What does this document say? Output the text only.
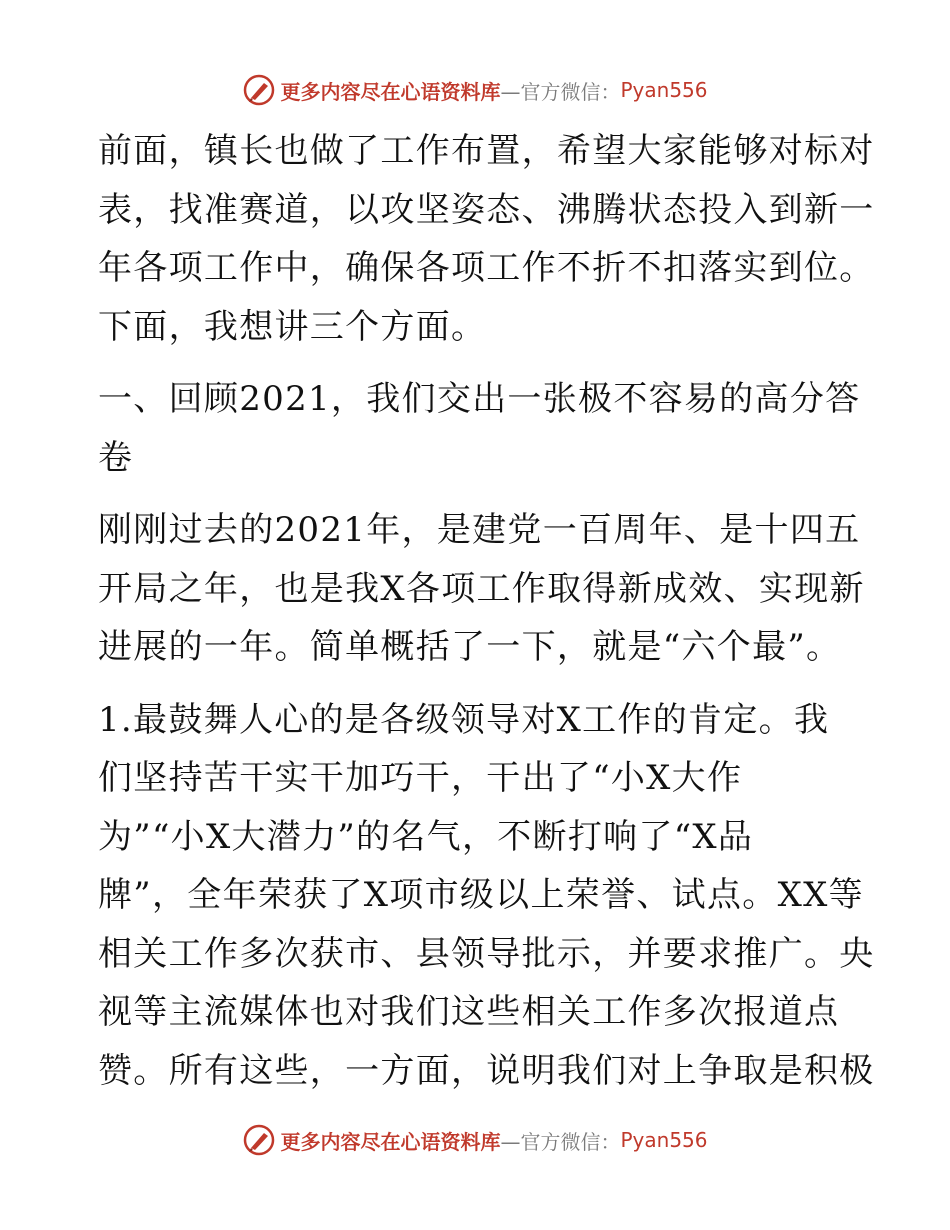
更多内容尽在心语资料库 —官方微信： Pyan556

前面，镇长也做了工作布置，希望大家能够对标对
表，找准赛道，以攻坚姿态、沸腾状态投入到新一
年各项工作中，确保各项工作不折不扣落实到位。
下面，我想讲三个方面。

一、回顾2021，我们交出一张极不容易的高分答
卷

刚刚过去的2021年，是建党一百周年、是十四五
开局之年，也是我X各项工作取得新成效、实现新
进展的一年。简单概括了一下，就是“六个最”。

1.最鼓舞人心的是各级领导对X工作的肯定。我
们坚持苦干实干加巧干，干出了“小X大作
为”“小X大潜力”的名气，不断打响了“X品
牌”，全年荣获了X项市级以上荣誉、试点。XX等
相关工作多次获市、县领导批示，并要求推广。央
视等主流媒体也对我们这些相关工作多次报道点
赞。所有这些，一方面，说明我们对上争取是积极

更多内容尽在心语资料库 —官方微信： Pyan556
